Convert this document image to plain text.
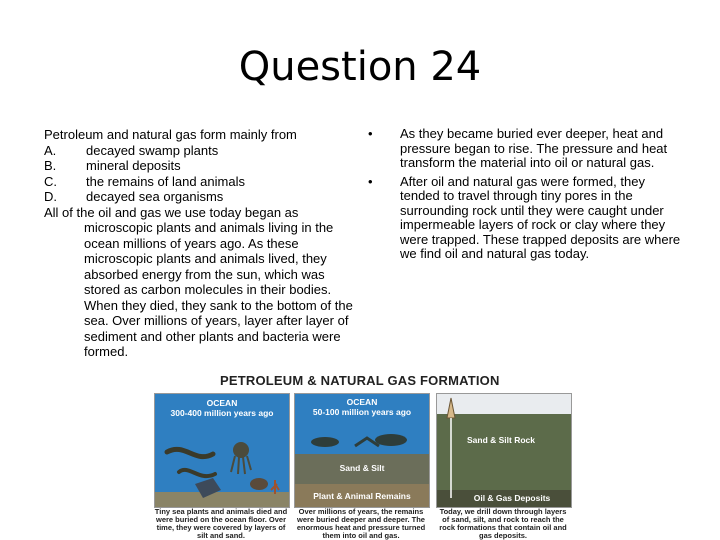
Question 24
Petroleum and natural gas form mainly from
A.	decayed swamp plants
B.	mineral deposits
C.	the remains of land animals
D.	decayed sea organisms
All of the oil and gas we use today began as
microscopic plants and animals living in the ocean millions of years ago. As these microscopic plants and animals lived, they absorbed energy from the sun, which was stored as carbon molecules in their bodies. When they died, they sank to the bottom of the sea. Over millions of years, layer after layer of sediment and other plants and bacteria were formed.
•	As they became buried ever deeper, heat and pressure began to rise. The pressure and heat transform the material into oil or natural gas.
•	After oil and natural gas were formed, they tended to travel through tiny pores in the surrounding rock until they were caught under impermeable layers of rock or clay where they were trapped. These trapped deposits are where we find oil and natural gas today.
PETROLEUM & NATURAL GAS FORMATION
OCEAN
300-400 million years ago
Tiny sea plants and animals died and were buried on the ocean floor. Over time, they were covered by layers of silt and sand.
OCEAN
50-100 million years ago
Sand & Silt
Plant & Animal Remains
Over millions of years, the remains were buried deeper and deeper. The enormous heat and pressure turned them into oil and gas.
Sand & Silt Rock
Oil & Gas Deposits
Today, we drill down through layers of sand, silt, and rock to reach the rock formations that contain oil and gas deposits.
